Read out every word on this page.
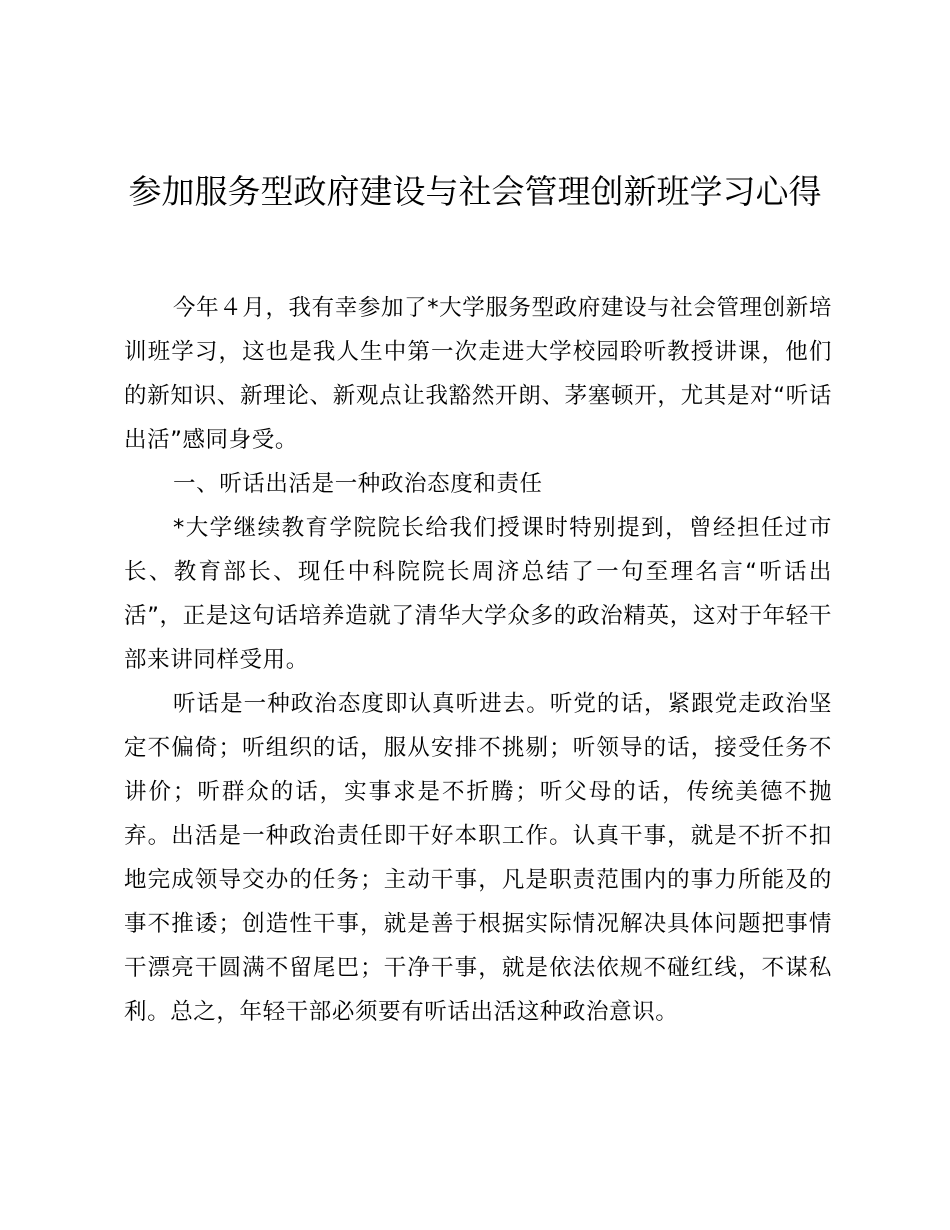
参加服务型政府建设与社会管理创新班学习心得

今年４月，我有幸参加了*大学服务型政府建设与社会管理创新培训班学习，这也是我人生中第一次走进大学校园聆听教授讲课，他们的新知识、新理论、新观点让我豁然开朗、茅塞顿开，尤其是对“听话出活”感同身受。

一、听话出活是一种政治态度和责任

*大学继续教育学院院长给我们授课时特别提到，曾经担任过市长、教育部长、现任中科院院长周济总结了一句至理名言“听话出活”，正是这句话培养造就了清华大学众多的政治精英，这对于年轻干部来讲同样受用。

听话是一种政治态度即认真听进去。听党的话，紧跟党走政治坚定不偏倚；听组织的话，服从安排不挑剔；听领导的话，接受任务不讲价；听群众的话，实事求是不折腾；听父母的话，传统美德不抛弃。出活是一种政治责任即干好本职工作。认真干事，就是不折不扣地完成领导交办的任务；主动干事，凡是职责范围内的事力所能及的事不推诿；创造性干事，就是善于根据实际情况解决具体问题把事情干漂亮干圆满不留尾巴；干净干事，就是依法依规不碰红线，不谋私利。总之，年轻干部必须要有听话出活这种政治意识。
